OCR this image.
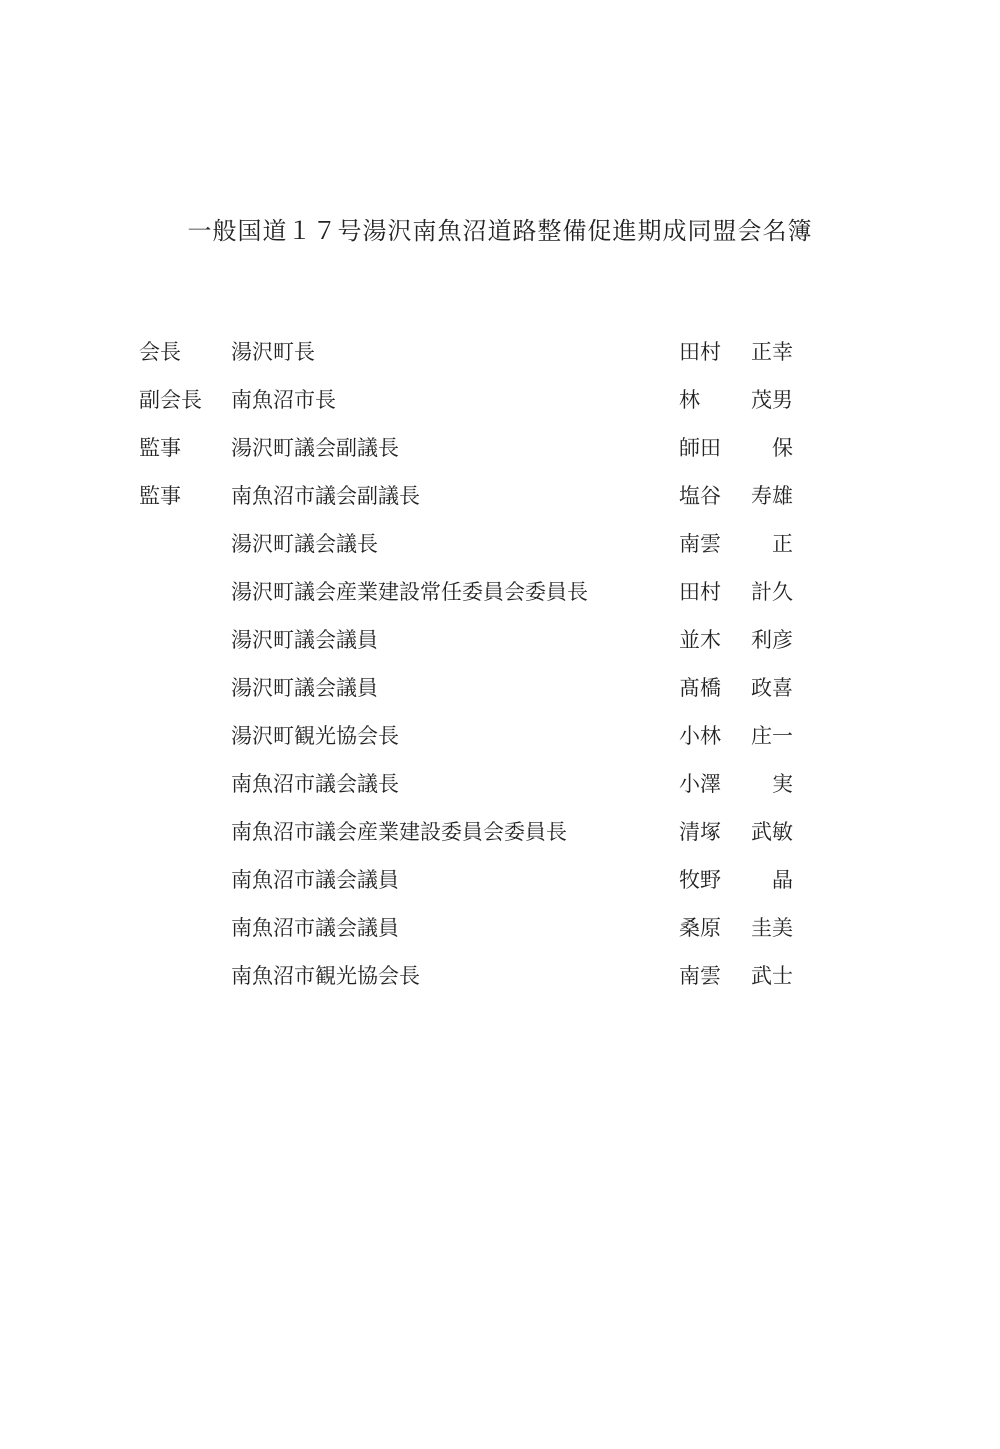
一般国道１７号湯沢南魚沼道路整備促進期成同盟会名簿
会長 湯沢町長	田村 正幸
副会長 南魚沼市長	林 茂男
監事 湯沢町議会副議長	師田 保
監事 南魚沼市議会副議長	塩谷 寿雄
湯沢町議会議長	南雲 正
湯沢町議会産業建設常任委員会委員長	田村 計久
湯沢町議会議員	並木 利彦
湯沢町議会議員	髙橋 政喜
湯沢町観光協会長	小林 庄一
南魚沼市議会議長	小澤 実
南魚沼市議会産業建設委員会委員長	清塚 武敏
南魚沼市議会議員	牧野 晶
南魚沼市議会議員	桑原 圭美
南魚沼市観光協会長	南雲 武士
